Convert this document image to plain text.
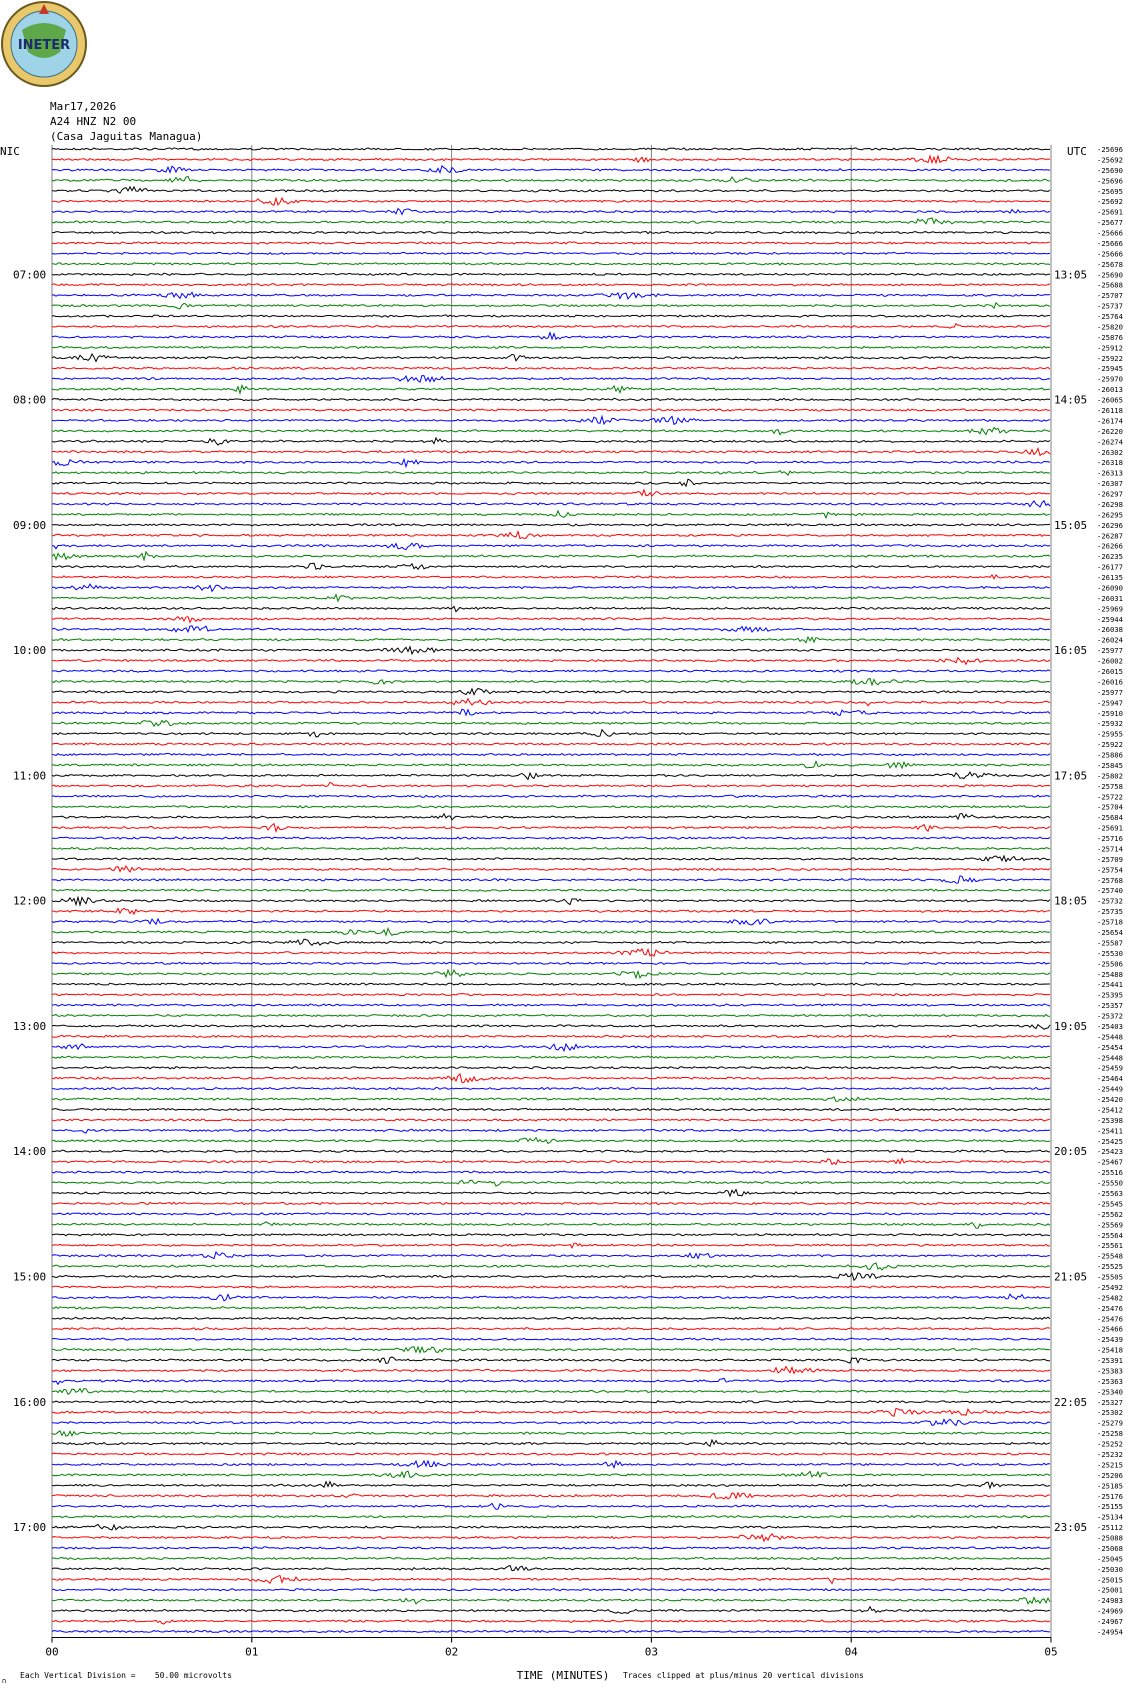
INETER
Mar17,2026
A24 HNZ N2 00
(Casa Jaguitas Managua)
07:00
08:00
09:00
10:00
11:00
12:00
13:00
14:00
15:00
16:00
17:00
13:05
14:05
15:05
16:05
17:05
18:05
19:05
20:05
21:05
22:05
23:05
-25696
-25692
-25690
-25696
-25695
-25692
-25691
-25677
-25666
-25666
-25666
-25678
-25690
-25688
-25707
-25737
-25764
-25820
-25876
-25912
-25922
-25945
-25970
-26013
-26065
-26118
-26174
-26220
-26274
-26302
-26318
-26313
-26307
-26297
-26298
-26295
-26296
-26287
-26266
-26235
-26177
-26135
-26090
-26031
-25969
-25944
-26038
-26024
-25977
-26002
-26015
-26016
-25977
-25947
-25910
-25932
-25955
-25922
-25886
-25845
-25802
-25758
-25722
-25704
-25684
-25691
-25716
-25714
-25709
-25754
-25768
-25740
-25732
-25735
-25718
-25654
-25587
-25530
-25506
-25488
-25441
-25395
-25357
-25372
-25403
-25448
-25454
-25448
-25459
-25464
-25449
-25420
-25412
-25398
-25411
-25425
-25423
-25467
-25516
-25550
-25563
-25545
-25562
-25569
-25564
-25561
-25548
-25525
-25505
-25492
-25482
-25476
-25476
-25466
-25439
-25418
-25391
-25383
-25363
-25340
-25327
-25302
-25279
-25258
-25252
-25232
-25215
-25206
-25185
-25176
-25155
-25134
-25112
-25088
-25068
-25045
-25030
-25015
-25001
-24983
-24969
-24967
-24954
00	01	02	03	04	05
NIC	UTC
TIME (MINUTES)
Each Vertical Division =    50.00 microvolts	Traces clipped at plus/minus 20 vertical divisions
∩
